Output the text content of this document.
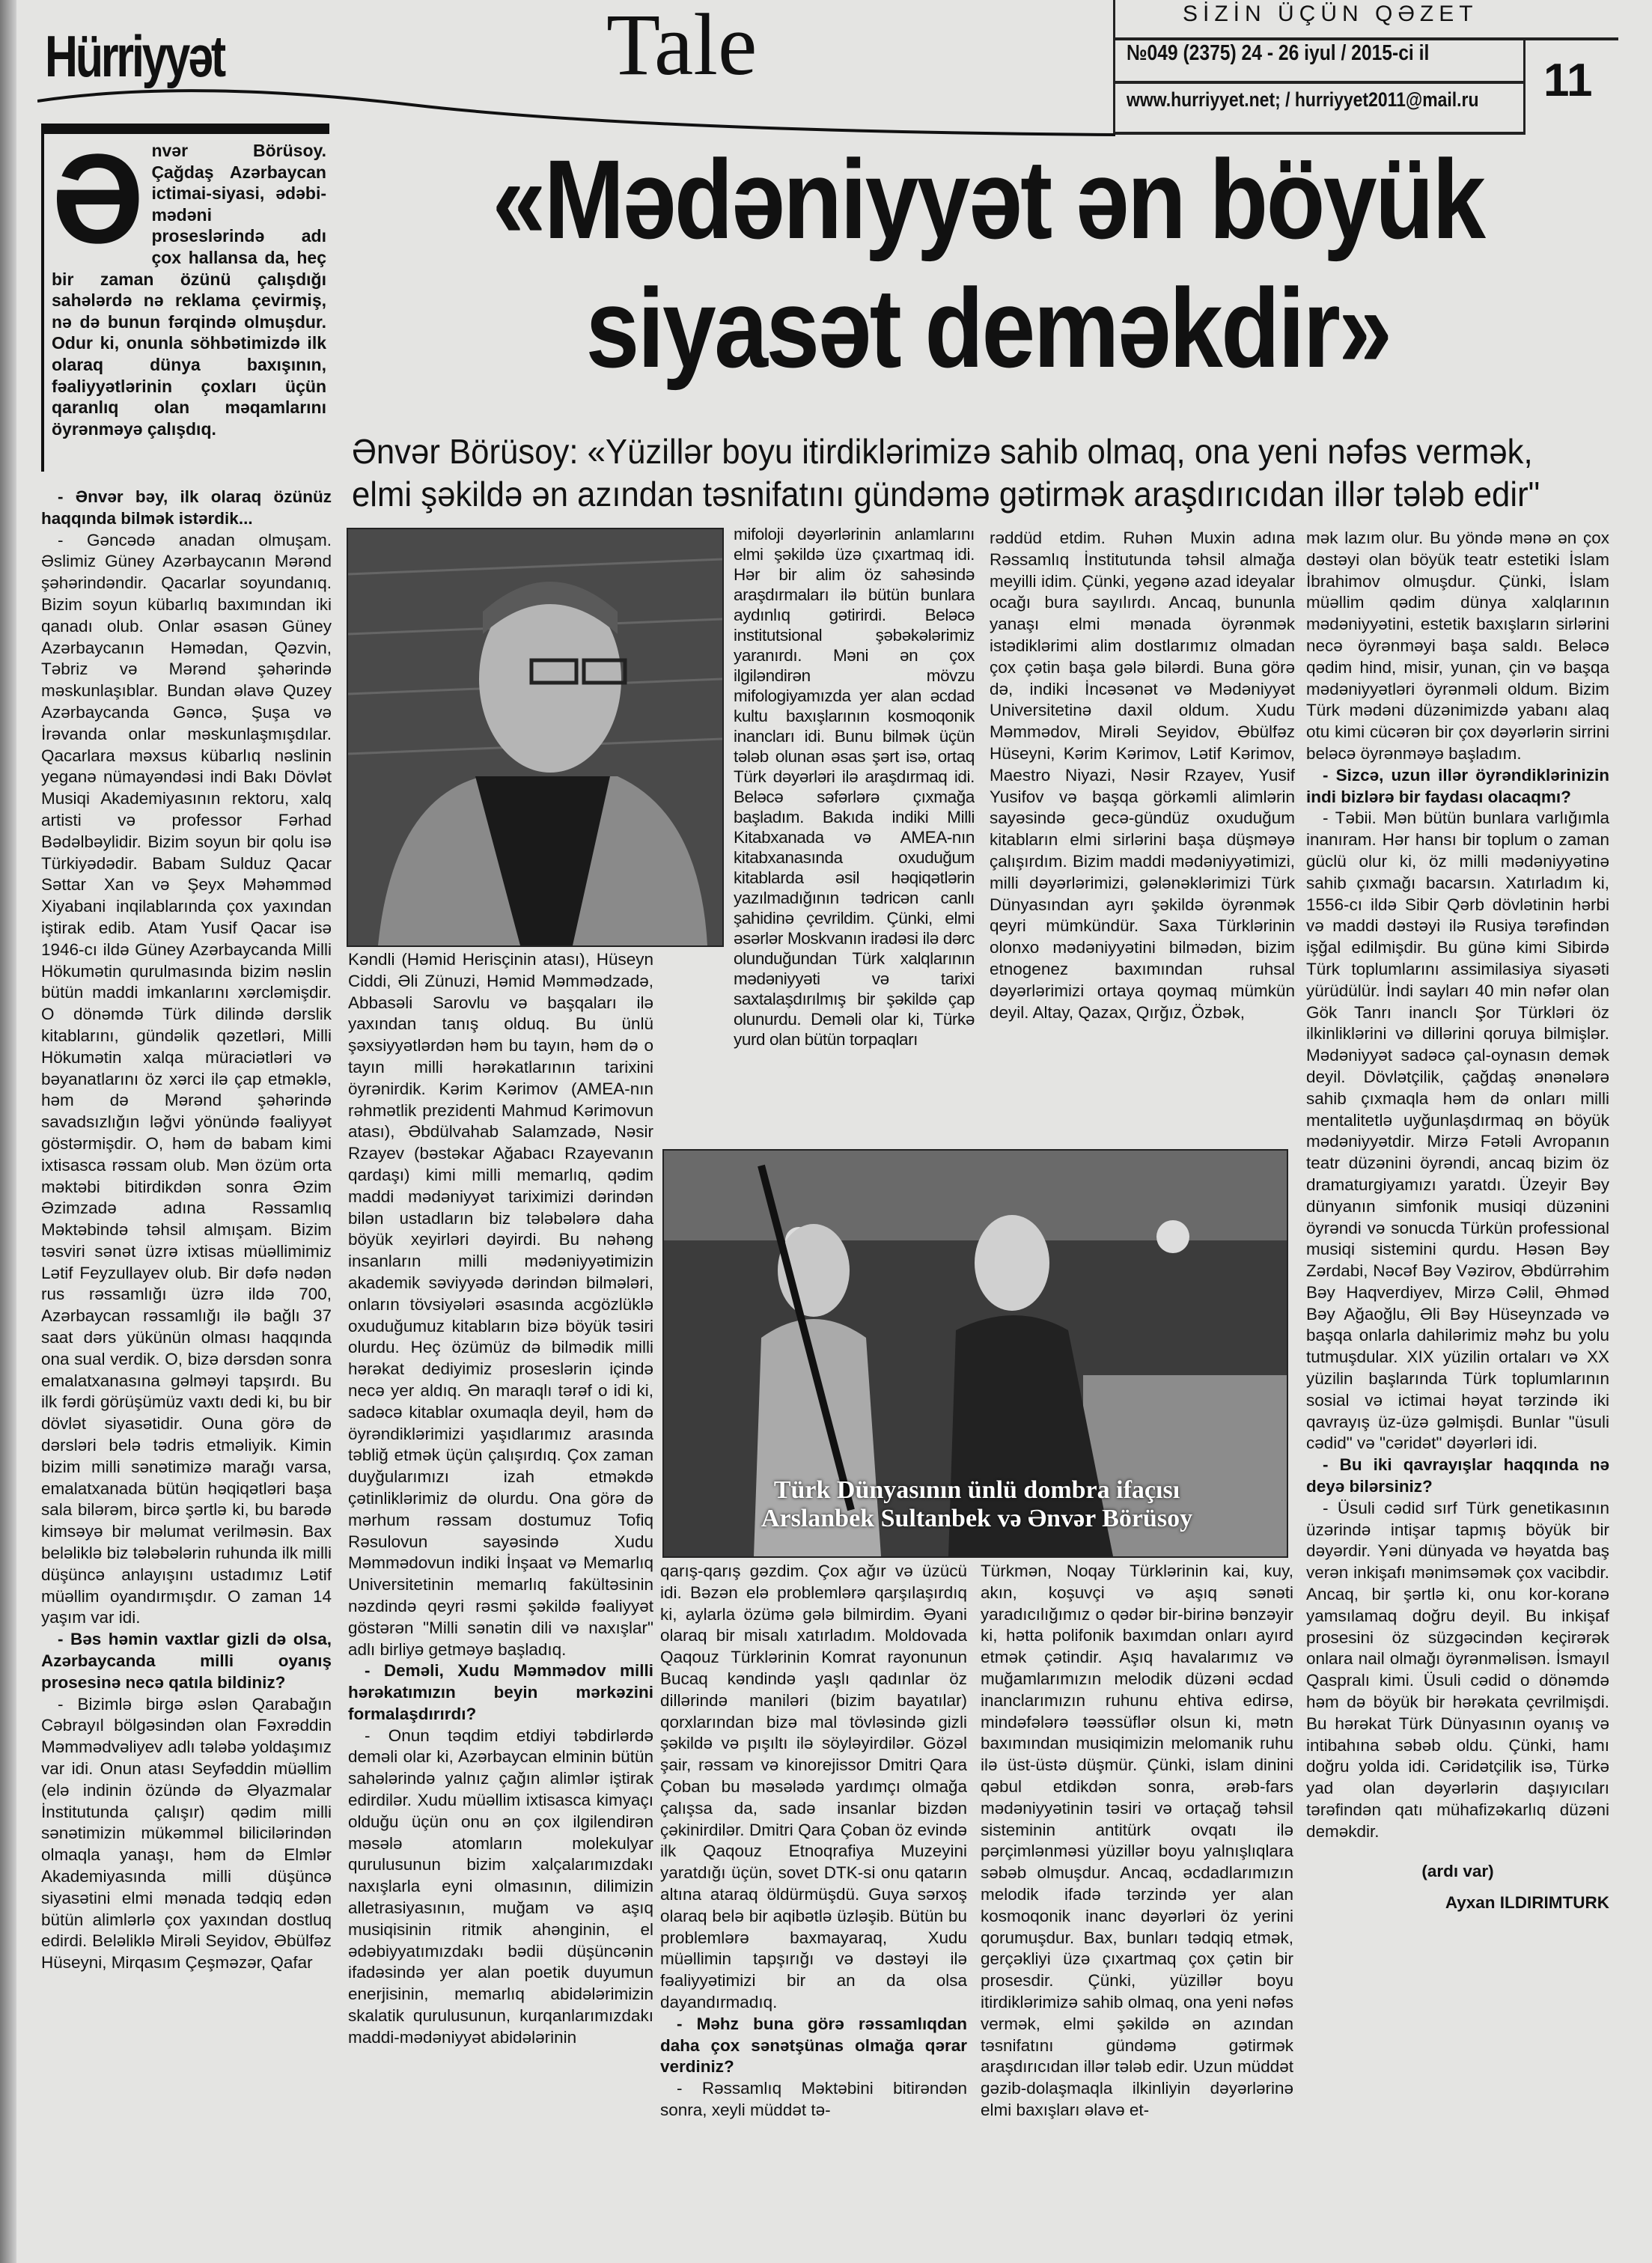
Hürriyyət	Tale	SİZİN ÜÇÜN QƏZET
№049 (2375) 24 - 26 iyul / 2015-ci il
www.hurriyyet.net; / hurriyyet2011@mail.ru 11
Ə nvər Börüsoy. Çağdaş Azərbaycan ictimai-siyasi, ədəbi-mədəni proseslərində adı çox hallansa da, heç bir zaman özünü çalışdığı sahələrdə nə reklama çevirmiş, nə də bunun fərqində olmuşdur. Odur ki, onunla söhbətimizdə ilk olaraq dünya baxışının, fəaliyyətlərinin çoxları üçün qaranlıq olan məqamlarını öyrənməyə çalışdıq.
«Mədəniyyət ən böyük
siyasət deməkdir»
Ənvər Börüsoy: «Yüzillər boyu itirdiklərimizə sahib olmaq, ona yeni nəfəs vermək, elmi şəkildə ən azından təsnifatını gündəmə gətirmək araşdırıcıdan illər tələb edir"

- Ənvər bəy, ilk olaraq özünüz haqqında bilmək istərdik...

- Gəncədə anadan olmuşam. Əslimiz Güney Azərbaycanın Mərənd şəhərindəndir. Qacarlar soyundanıq. Bizim soyun kübarlıq baxımından iki qanadı olub. Onlar əsasən Güney Azərbaycanın Həmədan, Qəzvin, Təbriz və Mərənd şəhərində məskunlaşıblar. Bundan əlavə Quzey Azərbaycanda Gəncə, Şuşa və İrəvanda onlar məskunlaşmışdılar. Qacarlara məxsus kübarlıq nəslinin yeganə nümayəndəsi indi Bakı Dövlət Musiqi Akademiyasının rektoru, xalq artisti və professor Fərhad Bədəlbəylidir. Bizim soyun bir qolu isə Türkiyədədir. Babam Sulduz Qacar Səttar Xan və Şeyx Məhəmməd Xiyabani inqilablarında çox yaxından iştirak edib. Atam Yusif Qacar isə 1946-cı ildə Güney Azərbaycanda Milli Hökumətin qurulmasında bizim nəslin bütün maddi imkanlarını xərcləmişdir. O dönəmdə Türk dilində dərslik kitablarını, gündəlik qəzetləri, Milli Hökumətin xalqa müraciətləri və bəyanatlarını öz xərci ilə çap etməklə, həm də Mərənd şəhərində savadsızlığın ləğvi yönündə fəaliyyət göstərmişdir. O, həm də babam kimi ixtisasca rəssam olub. Mən özüm orta məktəbi bitirdikdən sonra Əzim Əzimzadə adına Rəssamlıq Məktəbində təhsil almışam. Bizim təsviri sənət üzrə ixtisas müəllimimiz Lətif Feyzullayev olub. Bir dəfə nədən rus rəssamlığı üzrə ildə 700, Azərbaycan rəssamlığı ilə bağlı 37 saat dərs yükünün olması haqqında ona sual verdik. O, bizə dərsdən sonra emalatxanasına gəlməyi tapşırdı. Bu ilk fərdi görüşümüz vaxtı dedi ki, bu bir dövlət siyasətidir. Ouna görə də dərsləri belə tədris etməliyik. Kimin bizim milli sənətimizə marağı varsa, emalatxanada bütün həqiqətləri başa sala bilərəm, bircə şərtlə ki, bu barədə kimsəyə bir məlumat verilməsin. Bax beləliklə biz tələbələrin ruhunda ilk milli düşüncə anlayışını ustadımız Lətif müəllim oyandırmışdır. O zaman 14 yaşım var idi.

- Bəs həmin vaxtlar gizli də olsa, Azərbaycanda milli oyanış prosesinə necə qatıla bildiniz?

- Bizimlə birgə əslən Qarabağın Cəbrayıl bölgəsindən olan Fəxrəddin Məmmədvəliyev adlı tələbə yoldaşımız var idi. Onun atası Seyfəddin müəllim (elə indinin özündə də Əlyazmalar İnstitutunda çalışır) qədim milli sənətimizin mükəmməl bilicilərindən olmaqla yanaşı, həm də Elmlər Akademiyasında milli düşüncə siyasətini elmi mənada tədqiq edən bütün alimlərlə çox yaxından dostluq edirdi. Beləliklə Mirəli Seyidov, Əbülfəz Hüseyni, Mirqasım Çeşməzər, Qafar

Kəndli (Həmid Herisçinin atası), Hüseyn Ciddi, Əli Zünuzi, Həmid Məmmədzadə, Abbasəli Sarovlu və başqaları ilə yaxından tanış olduq. Bu ünlü şəxsiyyətlərdən həm bu tayın, həm də o tayın milli hərəkatlarının tarixini öyrənirdik. Kərim Kərimov (AMEA-nın rəhmətlik prezidenti Mahmud Kərimovun atası), Əbdülvahab Salamzadə, Nəsir Rzayev (bəstəkar Ağabacı Rzayevanın qardaşı) kimi milli memarlıq, qədim maddi mədəniyyət tariximizi dərindən bilən ustadların biz tələbələrə daha böyük xeyirləri dəyirdi. Bu nəhəng insanların milli mədəniyyətimizin akademik səviyyədə dərindən bilmələri, onların tövsiyələri əsasında acgözlüklə oxuduğumuz kitabların bizə böyük təsiri olurdu. Heç özümüz də bilmədik milli hərəkat dediyimiz proseslərin içində necə yer aldıq. Ən maraqlı tərəf o idi ki, sadəcə kitablar oxumaqla deyil, həm də öyrəndiklərimizi yaşıdlarımız arasında təbliğ etmək üçün çalışırdıq. Çox zaman duyğularımızı izah etməkdə çətinliklərimiz də olurdu. Ona görə də mərhum rəssam dostumuz Tofiq Rəsulovun sayəsində Xudu Məmmədovun indiki İnşaat və Memarlıq Universitetinin memarlıq fakültəsinin nəzdində qeyri rəsmi şəkildə fəaliyyət göstərən "Milli sənətin dili və naxışlar" adlı birliyə getməyə başladıq.

- Deməli, Xudu Məmmədov milli hərəkatımızın beyin mərkəzini formalaşdırırdı?

- Onun təqdim etdiyi təbdirlərdə deməli olar ki, Azərbaycan elminin bütün sahələrində yalnız çağın alimlər iştirak edirdilər. Xudu müəllim ixtisasca kimyaçı olduğu üçün onu ən çox ilgilendirən məsələ atomların molekulyar qurulusunun bizim xalçalarımızdakı naxışlarla eyni olmasının, dilimizin alletrasiyasının, muğam və aşıq musiqisinin ritmik ahənginin, el ədəbiyyatımızdakı bədii düşüncənin ifadəsində yer alan poetik duyumun enerjisinin, memarlıq abidələrimizin skalatik qurulusunun, kurqanlarımızdakı maddi-mədəniyyət abidələrinin

mifoloji dəyərlərinin anlamlarını elmi şəkildə üzə çıxartmaq idi. Hər bir alim öz sahəsində araşdırmaları ilə bütün bunlara aydınlıq gətirirdi. Beləcə institutsional şəbəkələrimiz yaranırdı. Məni ən çox ilgiləndirən mövzu mifologiyamızda yer alan əcdad kultu baxışlarının kosmoqonik inancları idi. Bunu bilmək üçün tələb olunan əsas şərt isə, ortaq Türk dəyərləri ilə araşdırmaq idi. Beləcə səfərlərə çıxmağa başladım. Bakıda indiki Milli Kitabxanada və AMEA-nın kitabxanasında oxuduğum kitablarda əsil həqiqətlərin yazılmadığının tədricən canlı şahidinə çevrildim. Çünki, elmi əsərlər Moskvanın iradəsi ilə dərc olunduğundan Türk xalqlarının mədəniyyəti və tarixi saxtalaşdırılmış bir şəkildə çap olunurdu. Deməli olar ki, Türkə yurd olan bütün torpaqları

rəddüd etdim. Ruhən Muxin adına Rəssamlıq İnstitutunda təhsil almağa meyilli idim. Çünki, yegənə azad ideyalar ocağı bura sayılırdı. Ancaq, bununla yanaşı elmi mənada öyrənmək istədiklərimi alim dostlarımız olmadan çox çətin başa gələ bilərdi. Buna görə də, indiki İncəsənət və Mədəniyyət Universitetinə daxil oldum. Xudu Məmmədov, Mirəli Seyidov, Əbülfəz Hüseyni, Kərim Kərimov, Lətif Kərimov, Maestro Niyazi, Nəsir Rzayev, Yusif Yusifov və başqa görkəmli alimlərin sayəsində gecə-gündüz oxuduğum kitabların elmi sirlərini başa düşməyə çalışırdım. Bizim maddi mədəniyyətimizi, milli dəyərlərimizi, gələnəklərimizi Türk Dünyasından ayrı şəkildə öyrənmək qeyri mümkündür. Saxa Türklərinin olonxo mədəniyyətini bilmədən, bizim etnogenez baxımından ruhsal dəyərlərimizi ortaya qoymaq mümkün deyil. Altay, Qazax, Qırğız, Özbək,

mək lazım olur. Bu yöndə mənə ən çox dəstəyi olan böyük teatr estetiki İslam İbrahimov olmuşdur. Çünki, İslam müəllim qədim dünya xalqlarının mədəniyyətini, estetik baxışların sirlərini necə öyrənməyi başa saldı. Beləcə qədim hind, misir, yunan, çin və başqa mədəniyyətləri öyrənməli oldum. Bizim Türk mədəni düzənimizdə yabanı alaq otu kimi cücərən bir çox dəyərlərin sirrini beləcə öyrənməyə başladım.

- Sizcə, uzun illər öyrəndiklərinizin indi bizlərə bir faydası olacaqmı?

- Təbii. Mən bütün bunlara varlığımla inanıram. Hər hansı bir toplum o zaman güclü olur ki, öz milli mədəniyyətinə sahib çıxmağı bacarsın. Xatırladım ki, 1556-cı ildə Sibir Qərb dövlətinin hərbi və maddi dəstəyi ilə Rusiya tərəfindən işğal edilmişdir. Bu günə kimi Sibirdə Türk toplumlarını assimilasiya siyasəti yürüdülür. İndi sayları 40 min nəfər olan Gök Tanrı inanclı Şor Türkləri öz ilkinliklərini və dillərini qoruya bilmişlər. Mədəniyyət sadəcə çal-oynasın demək deyil. Dövlətçilik, çağdaş ənənələrə sahib çıxmaqla həm də onları milli mentalitetlə uyğunlaşdırmaq ən böyük mədəniyyətdir. Mirzə Fətəli Avropanın teatr düzənini öyrəndi, ancaq bizim öz dramaturgiyamızı yaratdı. Üzeyir Bəy dünyanın simfonik musiqi düzənini öyrəndi və sonucda Türkün professional musiqi sistemini qurdu. Həsən Bəy Zərdabi, Nəcəf Bəy Vəzirov, Əbdürrəhim Bəy Haqverdiyev, Mirzə Cəlil, Əhməd Bəy Ağaoğlu, Əli Bəy Hüseynzadə və başqa onlarla dahilərimiz məhz bu yolu tutmuşdular. XIX yüzilin ortaları və XX yüzilin başlarında Türk toplumlarının sosial və ictimai həyat tərzində iki qavrayış üz-üzə gəlmişdi. Bunlar "üsuli cədid" və "cəridət" dəyərləri idi.

- Bu iki qavrayışlar haqqında nə deyə bilərsiniz?

- Üsuli cədid sırf Türk genetikasının üzərində intişar tapmış böyük bir dəyərdir. Yəni dünyada və həyatda baş verən inkişafı mənimsəmək çox vacibdir. Ancaq, bir şərtlə ki, onu kor-koranə yamsılamaq doğru deyil. Bu inkişaf prosesini öz süzgəcindən keçirərək onlara nail olmağı öyrənməlisən. İsmayıl Qaspralı kimi. Üsuli cədid o dönəmdə həm də böyük bir hərəkata çevrilmişdi. Bu hərəkat Türk Dünyasının oyanış və intibahına səbəb oldu. Çünki, hamı doğru yolda idi. Cəridətçilik isə, Türkə yad olan dəyərlərin daşıyıcıları tərəfindən qatı mühafizəkarlıq düzəni deməkdir.

(ardı var)

Ayxan ILDIRIMTURK

qarış-qarış gəzdim. Çox ağır və üzücü idi. Bəzən elə problemlərə qarşılaşırdıq ki, aylarla özümə gələ bilmirdim. Əyani olaraq bir misalı xatırladım. Moldovada Qaqouz Türklərinin Komrat rayonunun Bucaq kəndində yaşlı qadınlar öz dillərində maniləri (bizim bayatılar) qorxlarından bizə mal tövləsində gizli şəkildə və pışıltı ilə söyləyirdilər. Gözəl şair, rəssam və kinorejissor Dmitri Qara Çoban bu məsələdə yardımçı olmağa çalışsa da, sadə insanlar bizdən çəkinirdilər. Dmitri Qara Çoban öz evində ilk Qaqouz Etnoqrafiya Muzeyini yaratdığı üçün, sovet DTK-si onu qatarın altına ataraq öldürmüşdü. Guya sərxoş olaraq belə bir aqibətlə üzləşib. Bütün bu problemlərə baxmayaraq, Xudu müəllimin tapşırığı və dəstəyi ilə fəaliyyətimizi bir an da olsa dayandırmadıq.

- Məhz buna görə rəssamlıqdan daha çox sənətşünas olmağa qərar verdiniz?

- Rəssamlıq Məktəbini bitirəndən sonra, xeyli müddət tə-

Türkmən, Noqay Türklərinin kai, kuy, akın, koşuvçi və aşıq sənəti yaradıcılığımız o qədər bir-birinə bənzəyir ki, hətta polifonik baxımdan onları ayırd etmək çətindir. Aşıq havalarımız və muğamlarımızın melodik düzəni əcdad inanclarımızın ruhunu ehtiva edirsə, mindəfələrə təəssüflər olsun ki, mətn baxımından musiqimizin melomanik ruhu ilə üst-üstə düşmür. Çünki, islam dinini qəbul etdikdən sonra, ərəb-fars mədəniyyətinin təsiri və ortaçağ təhsil sisteminin antitürk ovqatı ilə pərçimlənməsi yüzillər boyu yalnışlıqlara səbəb olmuşdur. Ancaq, əcdadlarımızın melodik ifadə tərzində yer alan kosmoqonik inanc dəyərləri öz yerini qorumuşdur. Bax, bunları tədqiq etmək, gerçəkliyi üzə çıxartmaq çox çətin bir prosesdir. Çünki, yüzillər boyu itirdiklərimizə sahib olmaq, ona yeni nəfəs vermək, elmi şəkildə ən azından təsnifatını gündəmə gətirmək araşdırıcıdan illər tələb edir. Uzun müddət gəzib-dolaşmaqla ilkinliyin dəyərlərinə elmi baxışları əlavə et-

Türk Dünyasının ünlü dombra ifaçısı
Arslanbek Sultanbek və Ənvər Börüsoy
